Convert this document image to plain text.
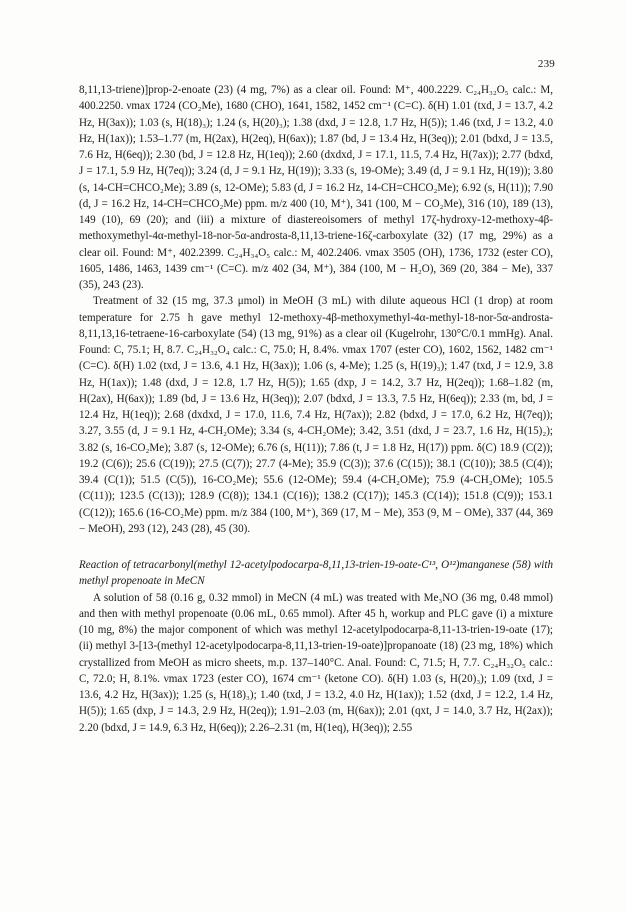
239

8,11,13-triene)]prop-2-enoate (23) (4 mg, 7%) as a clear oil. Found: M⁺, 400.2229. C₂₄H₃₂O₅ calc.: M, 400.2250. νmax 1724 (CO₂Me), 1680 (CHO), 1641, 1582, 1452 cm⁻¹ (C=C). δ(H) 1.01 (txd, J = 13.7, 4.2 Hz, H(3ax)); 1.03 (s, H(18)₃); 1.24 (s, H(20)₃); 1.38 (dxd, J = 12.8, 1.7 Hz, H(5)); 1.46 (txd, J = 13.2, 4.0 Hz, H(1ax)); 1.53–1.77 (m, H(2ax), H(2eq), H(6ax)); 1.87 (bd, J = 13.4 Hz, H(3eq)); 2.01 (bdxd, J = 13.5, 7.6 Hz, H(6eq)); 2.30 (bd, J = 12.8 Hz, H(1eq)); 2.60 (dxdxd, J = 17.1, 11.5, 7.4 Hz, H(7ax)); 2.77 (bdxd, J = 17.1, 5.9 Hz, H(7eq)); 3.24 (d, J = 9.1 Hz, H(19)); 3.33 (s, 19-OMe); 3.49 (d, J = 9.1 Hz, H(19)); 3.80 (s, 14-CH=CHCO₂Me); 3.89 (s, 12-OMe); 5.83 (d, J = 16.2 Hz, 14-CH=CHCO₂Me); 6.92 (s, H(11)); 7.90 (d, J = 16.2 Hz, 14-CH=CHCO₂Me) ppm. m/z 400 (10, M⁺), 341 (100, M − CO₂Me), 316 (10), 189 (13), 149 (10), 69 (20); and (iii) a mixture of diastereoisomers of methyl 17ζ-hydroxy-12-methoxy-4β-methoxymethyl-4α-methyl-18-nor-5α-androsta-8,11,13-triene-16ζ-carboxylate (32) (17 mg, 29%) as a clear oil. Found: M⁺, 402.2399. C₂₄H₃₄O₅ calc.: M, 402.2406. νmax 3505 (OH), 1736, 1732 (ester CO), 1605, 1486, 1463, 1439 cm⁻¹ (C=C). m/z 402 (34, M⁺), 384 (100, M − H₂O), 369 (20, 384 − Me), 337 (35), 243 (23).

Treatment of 32 (15 mg, 37.3 μmol) in MeOH (3 mL) with dilute aqueous HCl (1 drop) at room temperature for 2.75 h gave methyl 12-methoxy-4β-methoxymethyl-4α-methyl-18-nor-5α-androsta-8,11,13,16-tetraene-16-carboxylate (54) (13 mg, 91%) as a clear oil (Kugelrohr, 130°C/0.1 mmHg). Anal. Found: C, 75.1; H, 8.7. C₂₄H₃₂O₄ calc.: C, 75.0; H, 8.4%. νmax 1707 (ester CO), 1602, 1562, 1482 cm⁻¹ (C=C). δ(H) 1.02 (txd, J = 13.6, 4.1 Hz, H(3ax)); 1.06 (s, 4-Me); 1.25 (s, H(19)₃); 1.47 (txd, J = 12.9, 3.8 Hz, H(1ax)); 1.48 (dxd, J = 12.8, 1.7 Hz, H(5)); 1.65 (dxp, J = 14.2, 3.7 Hz, H(2eq)); 1.68–1.82 (m, H(2ax), H(6ax)); 1.89 (bd, J = 13.6 Hz, H(3eq)); 2.07 (bdxd, J = 13.3, 7.5 Hz, H(6eq)); 2.33 (m, bd, J = 12.4 Hz, H(1eq)); 2.68 (dxdxd, J = 17.0, 11.6, 7.4 Hz, H(7ax)); 2.82 (bdxd, J = 17.0, 6.2 Hz, H(7eq)); 3.27, 3.55 (d, J = 9.1 Hz, 4-CH₂OMe); 3.34 (s, 4-CH₂OMe); 3.42, 3.51 (dxd, J = 23.7, 1.6 Hz, H(15)₂); 3.82 (s, 16-CO₂Me); 3.87 (s, 12-OMe); 6.76 (s, H(11)); 7.86 (t, J = 1.8 Hz, H(17)) ppm. δ(C) 18.9 (C(2)); 19.2 (C(6)); 25.6 (C(19)); 27.5 (C(7)); 27.7 (4-Me); 35.9 (C(3)); 37.6 (C(15)); 38.1 (C(10)); 38.5 (C(4)); 39.4 (C(1)); 51.5 (C(5)), 16-CO₂Me); 55.6 (12-OMe); 59.4 (4-CH₂OMe); 75.9 (4-CH₂OMe); 105.5 (C(11)); 123.5 (C(13)); 128.9 (C(8)); 134.1 (C(16)); 138.2 (C(17)); 145.3 (C(14)); 151.8 (C(9)); 153.1 (C(12)); 165.6 (16-CO₂Me) ppm. m/z 384 (100, M⁺), 369 (17, M − Me), 353 (9, M − OMe), 337 (44, 369 − MeOH), 293 (12), 243 (28), 45 (30).

Reaction of tetracarbonyl(methyl 12-acetylpodocarpa-8,11,13-trien-19-oate-C¹³, O¹²)manganese (58) with methyl propenoate in MeCN

A solution of 58 (0.16 g, 0.32 mmol) in MeCN (4 mL) was treated with Me₃NO (36 mg, 0.48 mmol) and then with methyl propenoate (0.06 mL, 0.65 mmol). After 45 h, workup and PLC gave (i) a mixture (10 mg, 8%) the major component of which was methyl 12-acetylpodocarpa-8,11-13-trien-19-oate (17); (ii) methyl 3-[13-(methyl 12-acetylpodocarpa-8,11,13-trien-19-oate)]propanoate (18) (23 mg, 18%) which crystallized from MeOH as micro sheets, m.p. 137–140°C. Anal. Found: C, 71.5; H, 7.7. C₂₄H₃₂O₅ calc.: C, 72.0; H, 8.1%. νmax 1723 (ester CO), 1674 cm⁻¹ (ketone CO). δ(H) 1.03 (s, H(20)₃); 1.09 (txd, J = 13.6, 4.2 Hz, H(3ax)); 1.25 (s, H(18)₃); 1.40 (txd, J = 13.2, 4.0 Hz, H(1ax)); 1.52 (dxd, J = 12.2, 1.4 Hz, H(5)); 1.65 (dxp, J = 14.3, 2.9 Hz, H(2eq)); 1.91–2.03 (m, H(6ax)); 2.01 (qxt, J = 14.0, 3.7 Hz, H(2ax)); 2.20 (bdxd, J = 14.9, 6.3 Hz, H(6eq)); 2.26–2.31 (m, H(1eq), H(3eq)); 2.55
